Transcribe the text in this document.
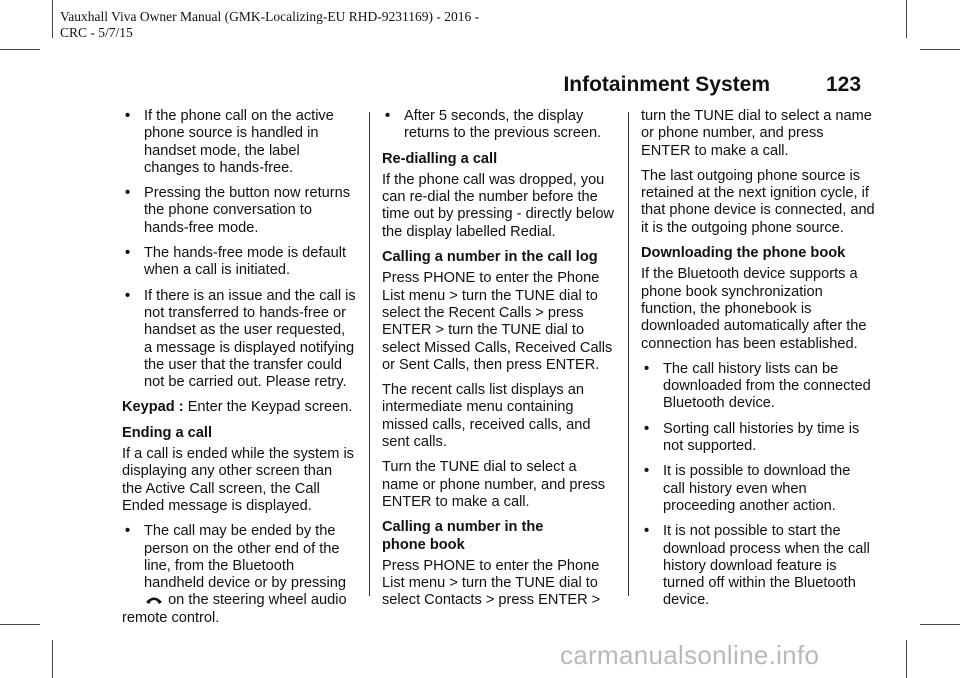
Vauxhall Viva Owner Manual (GMK-Localizing-EU RHD-9231169) - 2016 -
CRC - 5/7/15
Infotainment System	123
• If the phone call on the active phone source is handled in handset mode, the label changes to hands-free.
• Pressing the button now returns the phone conversation to hands-free mode.
• The hands-free mode is default when a call is initiated.
• If there is an issue and the call is not transferred to hands-free or handset as the user requested, a message is displayed notifying the user that the transfer could not be carried out. Please retry.

Keypad : Enter the Keypad screen.

Ending a call

If a call is ended while the system is displaying any other screen than the Active Call screen, the Call Ended message is displayed.

• The call may be ended by the person on the other end of the line, from the Bluetooth handheld device or by pressing  on the steering wheel audio

remote control.

• After 5 seconds, the display returns to the previous screen.
Re-dialling a call

If the phone call was dropped, you can re-dial the number before the time out by pressing - directly below the display labelled Redial.

Calling a number in the call log

Press PHONE to enter the Phone List menu > turn the TUNE dial to select the Recent Calls > press ENTER > turn the TUNE dial to select Missed Calls, Received Calls or Sent Calls, then press ENTER.

The recent calls list displays an intermediate menu containing missed calls, received calls, and sent calls.

Turn the TUNE dial to select a name or phone number, and press ENTER to make a call.

Calling a number in the phone book

Press PHONE to enter the Phone List menu > turn the TUNE dial to select Contacts > press ENTER >

turn the TUNE dial to select a name or phone number, and press ENTER to make a call.

The last outgoing phone source is retained at the next ignition cycle, if that phone device is connected, and it is the outgoing phone source.

Downloading the phone book

If the Bluetooth device supports a phone book synchronization function, the phonebook is downloaded automatically after the connection has been established.

• The call history lists can be downloaded from the connected Bluetooth device.
• Sorting call histories by time is not supported.
• It is possible to download the call history even when proceeding another action.
• It is not possible to start the download process when the call history download feature is turned off within the Bluetooth device.
carmanualsonline.info
